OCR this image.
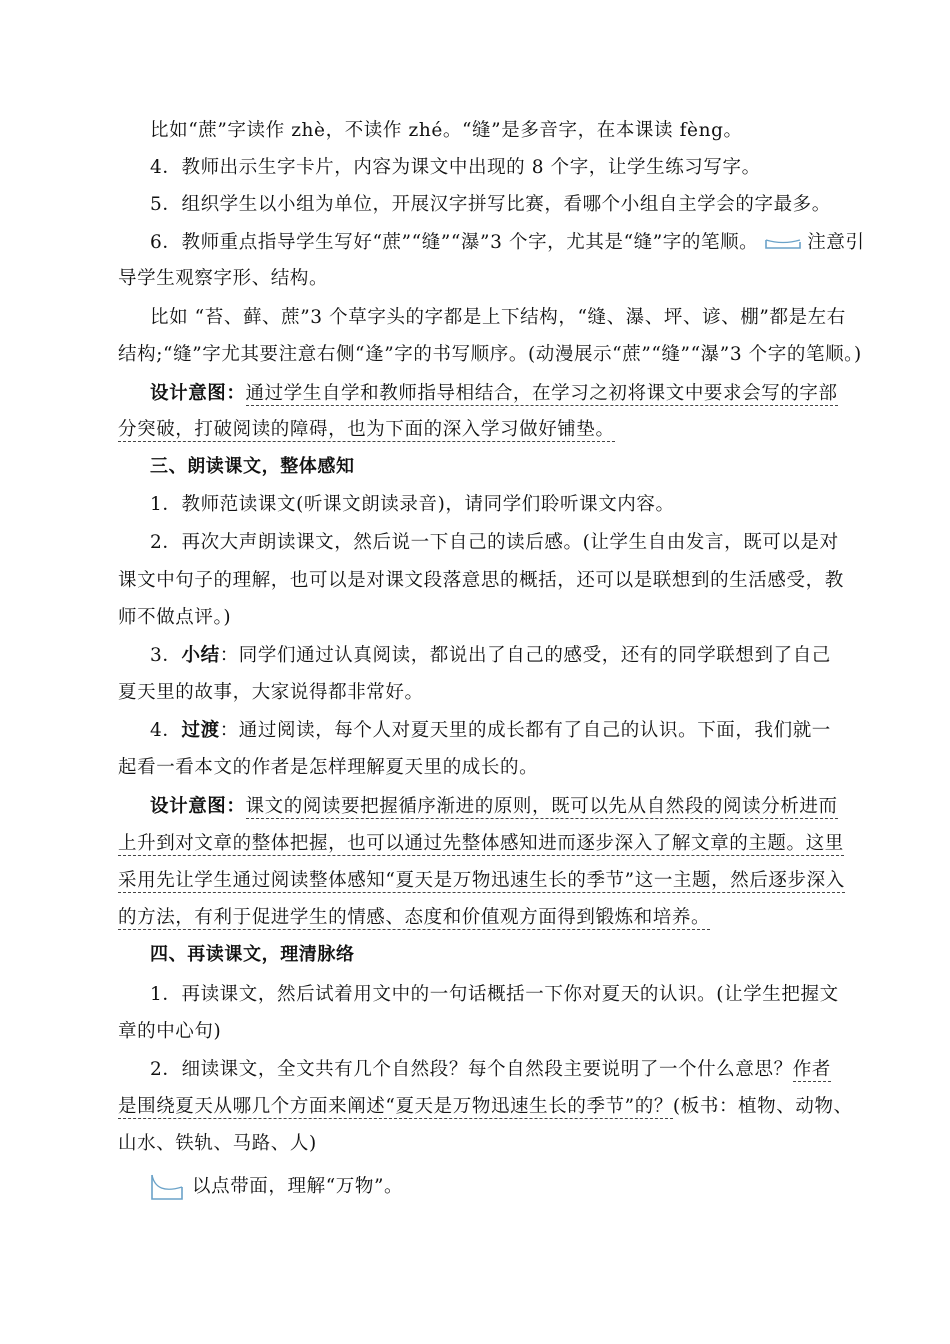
比如“蔗”字读作 zhè，不读作 zhé。“缝”是多音字，在本课读 fèng。
4．教师出示生字卡片，内容为课文中出现的 8 个字，让学生练习写字。
5．组织学生以小组为单位，开展汉字拼写比赛，看哪个小组自主学会的字最多。
6．教师重点指导学生写好“蔗”“缝”“瀑”3 个字，尤其是“缝”字的笔顺。	注意引
导学生观察字形、结构。
比如 “苔、藓、蔗”3 个草字头的字都是上下结构，“缝、瀑、坪、谚、棚”都是左右
结构;“缝”字尤其要注意右侧“逢”字的书写顺序。(动漫展示“蔗”“缝”“瀑”3 个字的笔顺。)
设计意图：通过学生自学和教师指导相结合，在学习之初将课文中要求会写的字部
分突破，打破阅读的障碍，也为下面的深入学习做好铺垫。
三、朗读课文，整体感知
1．教师范读课文(听课文朗读录音)，请同学们聆听课文内容。
2．再次大声朗读课文，然后说一下自己的读后感。(让学生自由发言，既可以是对
课文中句子的理解，也可以是对课文段落意思的概括，还可以是联想到的生活感受，教
师不做点评。)
3．小结：同学们通过认真阅读，都说出了自己的感受，还有的同学联想到了自己
夏天里的故事，大家说得都非常好。
4．过渡：通过阅读，每个人对夏天里的成长都有了自己的认识。下面，我们就一
起看一看本文的作者是怎样理解夏天里的成长的。
设计意图：课文的阅读要把握循序渐进的原则，既可以先从自然段的阅读分析进而
上升到对文章的整体把握，也可以通过先整体感知进而逐步深入了解文章的主题。这里
采用先让学生通过阅读整体感知“夏天是万物迅速生长的季节”这一主题，然后逐步深入
的方法，有利于促进学生的情感、态度和价值观方面得到锻炼和培养。
四、再读课文，理清脉络
1．再读课文，然后试着用文中的一句话概括一下你对夏天的认识。(让学生把握文
章的中心句)
2．细读课文，全文共有几个自然段？每个自然段主要说明了一个什么意思？作者
是围绕夏天从哪几个方面来阐述“夏天是万物迅速生长的季节”的？(板书：植物、动物、
山水、铁轨、马路、人)
以点带面，理解“万物”。
